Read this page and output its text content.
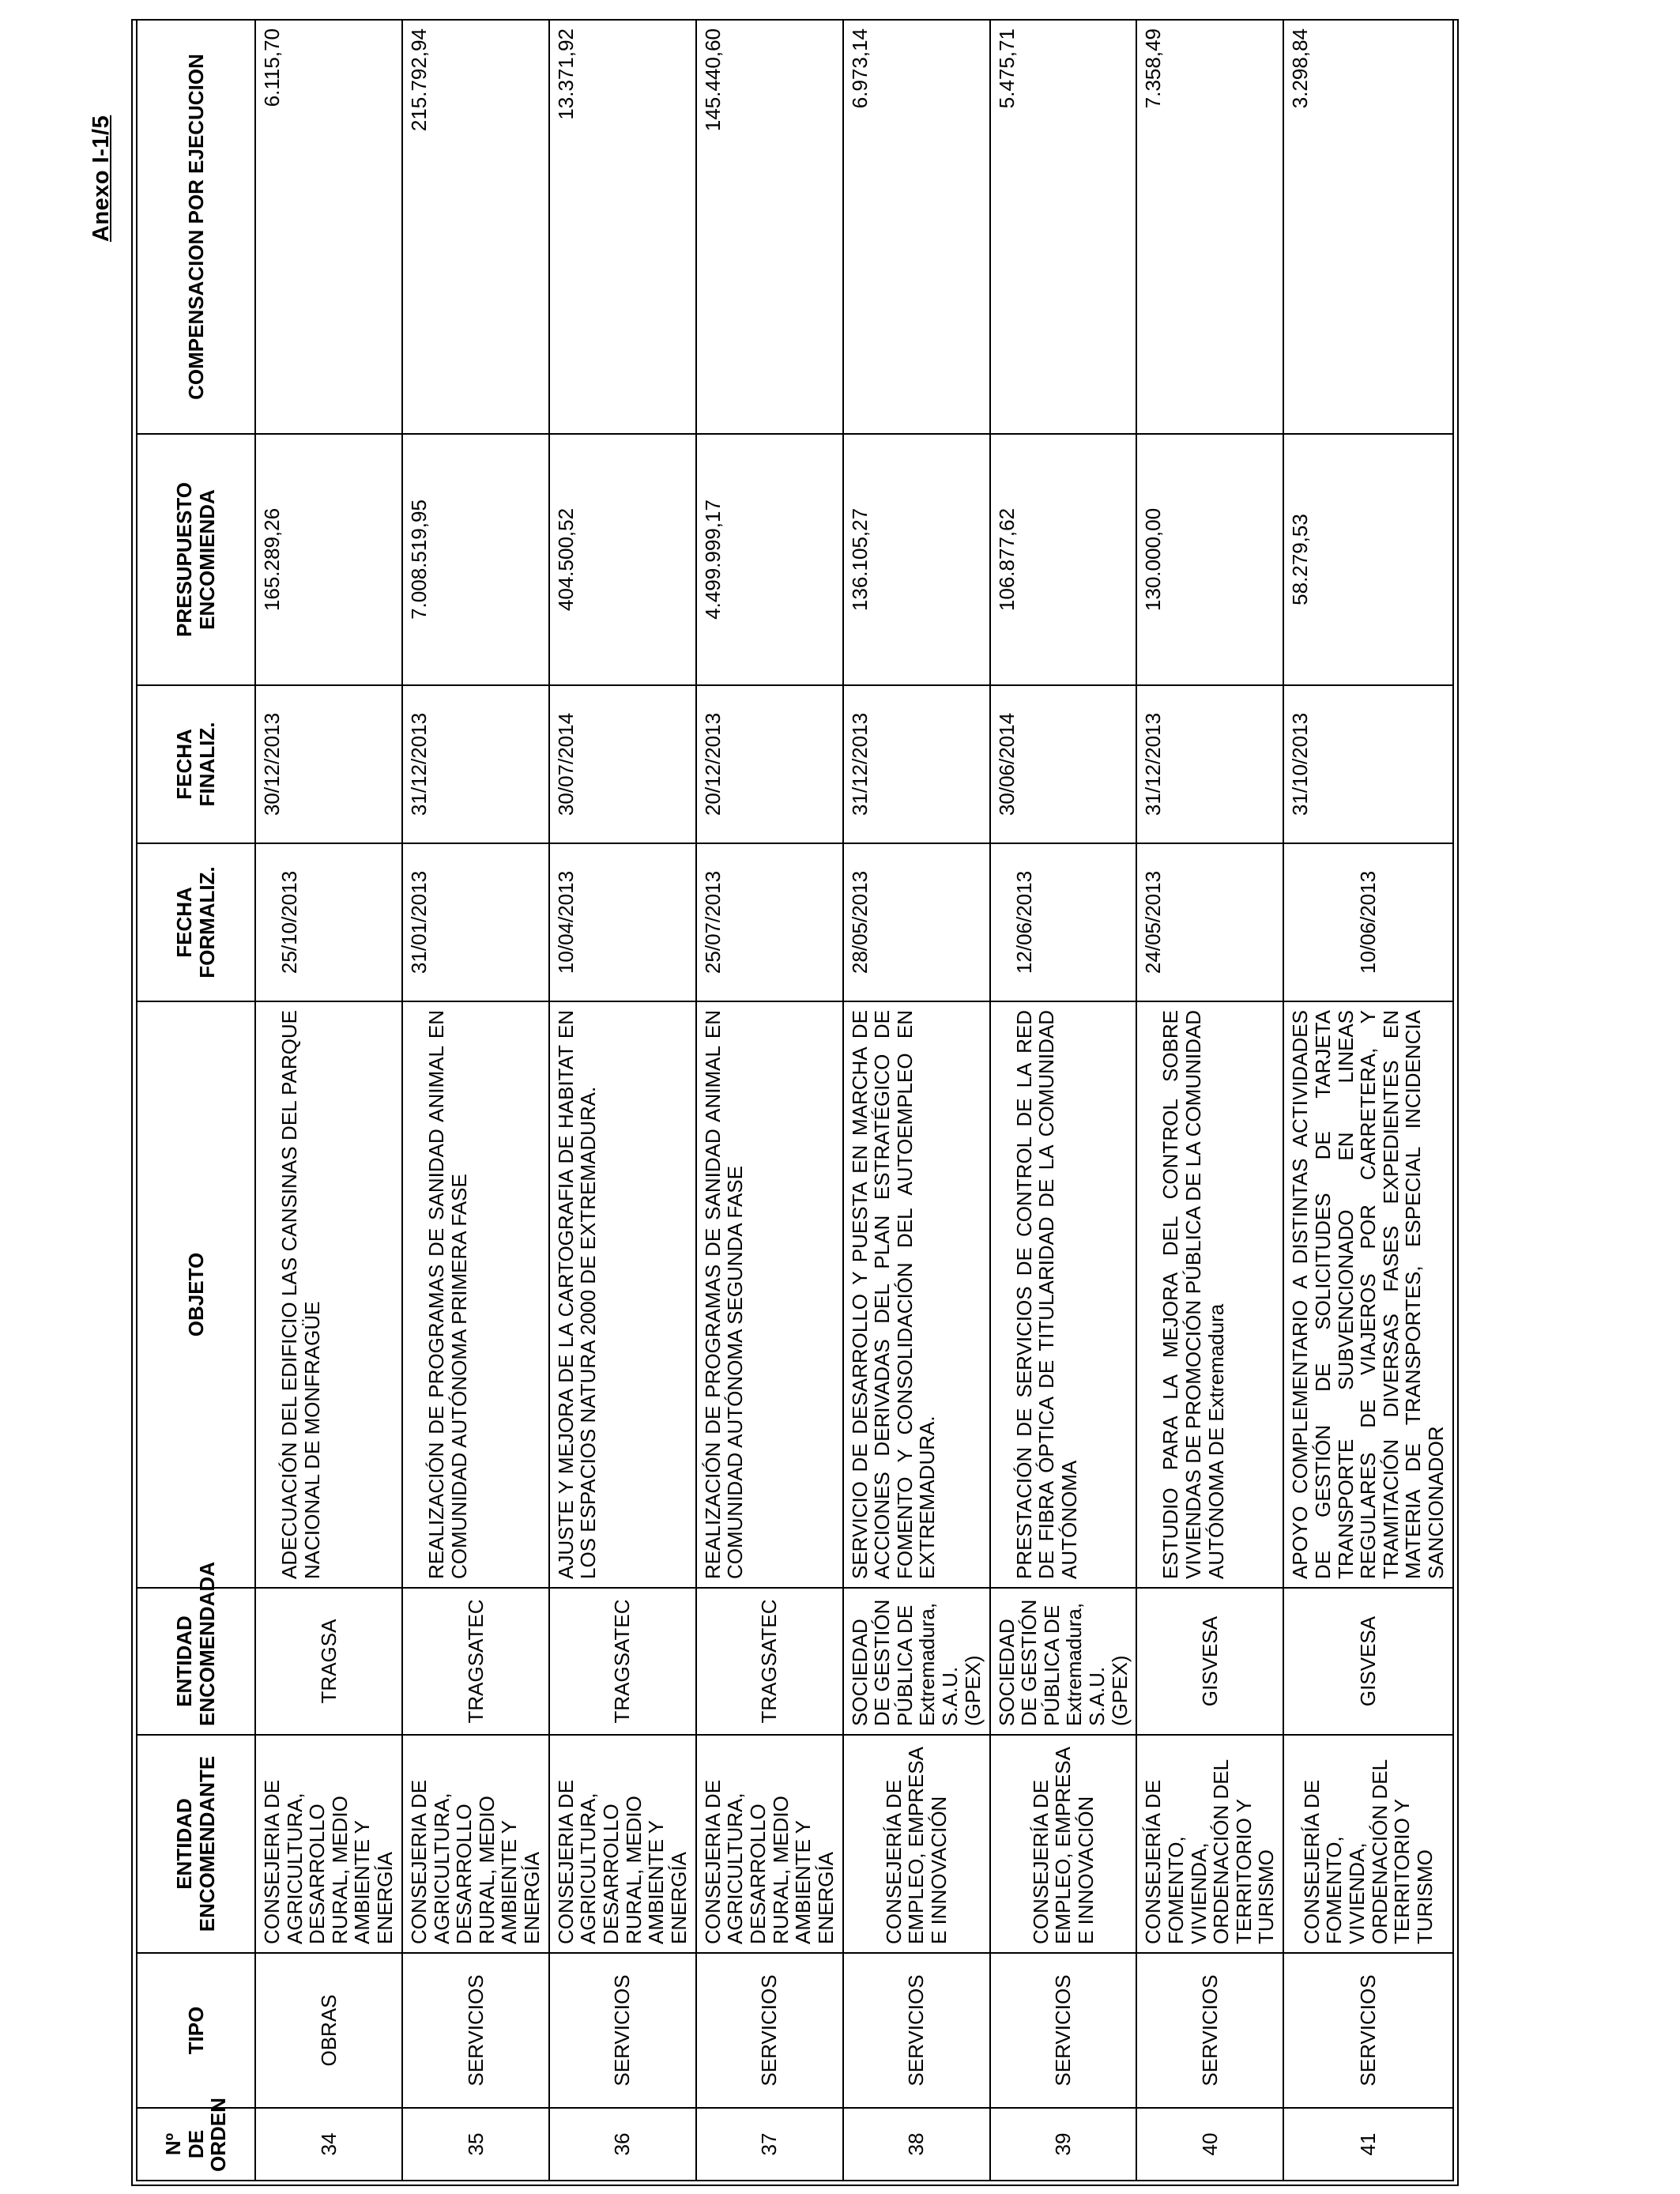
Anexo I-1/5
Nº DE ORDEN	TIPO	ENTIDAD ENCOMENDANTE	ENTIDAD ENCOMENDADA	OBJETO	FECHA FORMALIZ.	FECHA FINALIZ.	PRESUPUESTO ENCOMIENDA	COMPENSACION POR EJECUCION
34	OBRAS	CONSEJERIA DE AGRICULTURA, DESARROLLO RURAL, MEDIO AMBIENTE Y ENERGÍA	TRAGSA	ADECUACIÓN DEL EDIFICIO LAS CANSINAS DEL PARQUE NACIONAL DE MONFRAGÜE	25/10/2013	30/12/2013	165.289,26	6.115,70
35	SERVICIOS	CONSEJERIA DE AGRICULTURA, DESARROLLO RURAL, MEDIO AMBIENTE Y ENERGÍA	TRAGSATEC	REALIZACIÓN DE PROGRAMAS DE SANIDAD ANIMAL EN COMUNIDAD AUTÓNOMA PRIMERA FASE	31/01/2013	31/12/2013	7.008.519,95	215.792,94
36	SERVICIOS	CONSEJERIA DE AGRICULTURA, DESARROLLO RURAL, MEDIO AMBIENTE Y ENERGÍA	TRAGSATEC	AJUSTE Y MEJORA DE LA CARTOGRAFIA DE HABITAT EN LOS ESPACIOS NATURA 2000 DE EXTREMADURA.	10/04/2013	30/07/2014	404.500,52	13.371,92
37	SERVICIOS	CONSEJERIA DE AGRICULTURA, DESARROLLO RURAL, MEDIO AMBIENTE Y ENERGÍA	TRAGSATEC	REALIZACIÓN DE PROGRAMAS DE SANIDAD ANIMAL EN COMUNIDAD AUTÓNOMA SEGUNDA FASE	25/07/2013	20/12/2013	4.499.999,17	145.440,60
38	SERVICIOS	CONSEJERÍA DE EMPLEO, EMPRESA E INNOVACIÓN	SOCIEDAD DE GESTIÓN PÚBLICA DE Extremadura, S.A.U. (GPEX)	SERVICIO DE DESARROLLO Y PUESTA EN MARCHA DE ACCIONES DERIVADAS DEL PLAN ESTRATÉGICO DE FOMENTO Y CONSOLIDACIÓN DEL AUTOEMPLEO EN EXTREMADURA.	28/05/2013	31/12/2013	136.105,27	6.973,14
39	SERVICIOS	CONSEJERÍA DE EMPLEO, EMPRESA E INNOVACIÓN	SOCIEDAD DE GESTIÓN PÚBLICA DE Extremadura, S.A.U. (GPEX)	PRESTACIÓN DE SERVICIOS DE CONTROL DE LA RED DE FIBRA ÓPTICA DE TITULARIDAD DE LA COMUNIDAD AUTÓNOMA	12/06/2013	30/06/2014	106.877,62	5.475,71
40	SERVICIOS	CONSEJERÍA DE FOMENTO, VIVIENDA, ORDENACIÓN DEL TERRITORIO Y TURISMO	GISVESA	ESTUDIO PARA LA MEJORA DEL CONTROL SOBRE VIVIENDAS DE PROMOCIÓN PÚBLICA DE LA COMUNIDAD AUTÓNOMA DE Extremadura	24/05/2013	31/12/2013	130.000,00	7.358,49
41	SERVICIOS	CONSEJERÍA DE FOMENTO, VIVIENDA, ORDENACIÓN DEL TERRITORIO Y TURISMO	GISVESA	APOYO COMPLEMENTARIO A DISTINTAS ACTIVIDADES DE GESTIÓN DE SOLICITUDES DE TARJETA TRANSPORTE SUBVENCIONADO EN LINEAS REGULARES DE VIAJEROS POR CARRETERA, Y TRAMITACIÓN DIVERSAS FASES EXPEDIENTES EN MATERIA DE TRANSPORTES, ESPECIAL INCIDENCIA SANCIONADOR	10/06/2013	31/10/2013	58.279,53	3.298,84
